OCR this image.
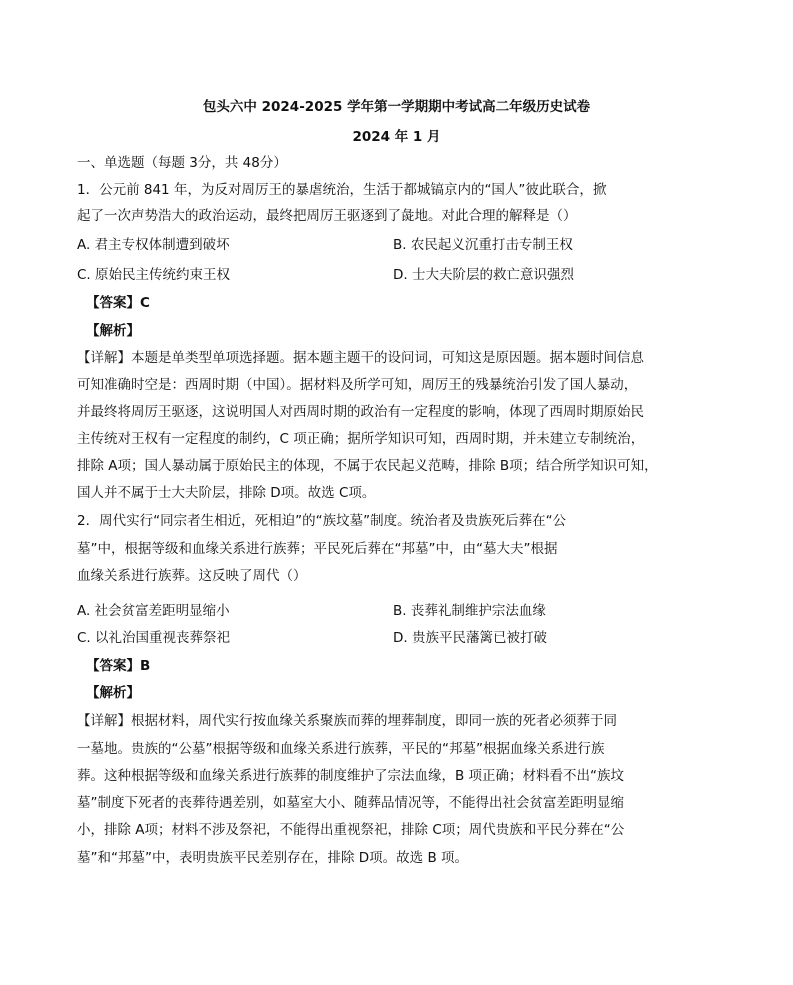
包头六中 2024-2025 学年第一学期期中考试高二年级历史试卷
2024 年 1 月
一、单选题（每题 3分，共 48分）
1．公元前 841 年，为反对周厉王的暴虐统治，生活于都城镐京内的“国人”彼此联合，掀
起了一次声势浩大的政治运动，最终把周厉王驱逐到了彘地。对此合理的解释是（）
A. 君主专权体制遭到破坏	B. 农民起义沉重打击专制王权
C. 原始民主传统约束王权	D. 士大夫阶层的救亡意识强烈
【答案】C
【解析】
【详解】本题是单类型单项选择题。据本题主题干的设问词，可知这是原因题。据本题时间信息
可知准确时空是：西周时期（中国）。据材料及所学可知，周厉王的残暴统治引发了国人暴动，
并最终将周厉王驱逐，这说明国人对西周时期的政治有一定程度的影响，体现了西周时期原始民
主传统对王权有一定程度的制约，C 项正确；据所学知识可知，西周时期，并未建立专制统治，
排除 A项；国人暴动属于原始民主的体现，不属于农民起义范畴，排除 B项；结合所学知识可知，
国人并不属于士大夫阶层，排除 D项。故选 C项。
2．周代实行“同宗者生相近，死相迫”的“族坟墓”制度。统治者及贵族死后葬在“公
墓”中，根据等级和血缘关系进行族葬；平民死后葬在“邦墓”中，由“墓大夫”根据
血缘关系进行族葬。这反映了周代（）
A. 社会贫富差距明显缩小	B. 丧葬礼制维护宗法血缘
C. 以礼治国重视丧葬祭祀	D. 贵族平民藩篱已被打破
【答案】B
【解析】
【详解】根据材料，周代实行按血缘关系聚族而葬的埋葬制度，即同一族的死者必须葬于同
一墓地。贵族的“公墓”根据等级和血缘关系进行族葬，平民的“邦墓”根据血缘关系进行族
葬。这种根据等级和血缘关系进行族葬的制度维护了宗法血缘，B 项正确；材料看不出“族坟
墓”制度下死者的丧葬待遇差别，如墓室大小、随葬品情况等，不能得出社会贫富差距明显缩
小，排除 A项；材料不涉及祭祀，不能得出重视祭祀，排除 C项；周代贵族和平民分葬在“公
墓”和“邦墓”中，表明贵族平民差别存在，排除 D项。故选 B 项。
